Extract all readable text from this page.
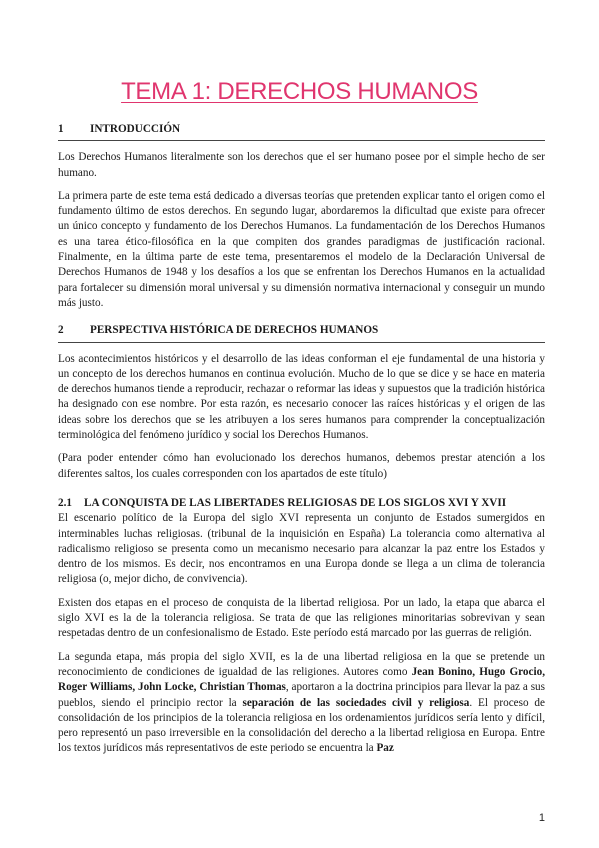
TEMA 1: DERECHOS HUMANOS
1	INTRODUCCIÓN

Los Derechos Humanos literalmente son los derechos que el ser humano posee por el simple hecho de ser humano.

La primera parte de este tema está dedicado a diversas teorías que pretenden explicar tanto el origen como el fundamento último de estos derechos. En segundo lugar, abordaremos la dificultad que existe para ofrecer un único concepto y fundamento de los Derechos Humanos. La fundamentación de los Derechos Humanos es una tarea ético-filosófica en la que compiten dos grandes paradigmas de justificación racional. Finalmente, en la última parte de este tema, presentaremos el modelo de la Declaración Universal de Derechos Humanos de 1948 y los desafíos a los que se enfrentan los Derechos Humanos en la actualidad para fortalecer su dimensión moral universal y su dimensión normativa internacional y conseguir un mundo más justo.

2	PERSPECTIVA HISTÓRICA DE DERECHOS HUMANOS

Los acontecimientos históricos y el desarrollo de las ideas conforman el eje fundamental de una historia y un concepto de los derechos humanos en continua evolución. Mucho de lo que se dice y se hace en materia de derechos humanos tiende a reproducir, rechazar o reformar las ideas y supuestos que la tradición histórica ha designado con ese nombre. Por esta razón, es necesario conocer las raíces históricas y el origen de las ideas sobre los derechos que se les atribuyen a los seres humanos para comprender la conceptualización terminológica del fenómeno jurídico y social los Derechos Humanos.

(Para poder entender cómo han evolucionado los derechos humanos, debemos prestar atención a los diferentes saltos, los cuales corresponden con los apartados de este título)

2.1	LA CONQUISTA DE LAS LIBERTADES RELIGIOSAS DE LOS SIGLOS XVI Y XVII

El escenario político de la Europa del siglo XVI representa un conjunto de Estados sumergidos en interminables luchas religiosas. (tribunal de la inquisición en España) La tolerancia como alternativa al radicalismo religioso se presenta como un mecanismo necesario para alcanzar la paz entre los Estados y dentro de los mismos. Es decir, nos encontramos en una Europa donde se llega a un clima de tolerancia religiosa (o, mejor dicho, de convivencia).

Existen dos etapas en el proceso de conquista de la libertad religiosa. Por un lado, la etapa que abarca el siglo XVI es la de la tolerancia religiosa. Se trata de que las religiones minoritarias sobrevivan y sean respetadas dentro de un confesionalismo de Estado. Este período está marcado por las guerras de religión.

La segunda etapa, más propia del siglo XVII, es la de una libertad religiosa en la que se pretende un reconocimiento de condiciones de igualdad de las religiones. Autores como Jean Bonino, Hugo Grocio, Roger Williams, John Locke, Christian Thomas, aportaron a la doctrina principios para llevar la paz a sus pueblos, siendo el principio rector la separación de las sociedades civil y religiosa. El proceso de consolidación de los principios de la tolerancia religiosa en los ordenamientos jurídicos sería lento y difícil, pero representó un paso irreversible en la consolidación del derecho a la libertad religiosa en Europa. Entre los textos jurídicos más representativos de este periodo se encuentra la Paz

1
